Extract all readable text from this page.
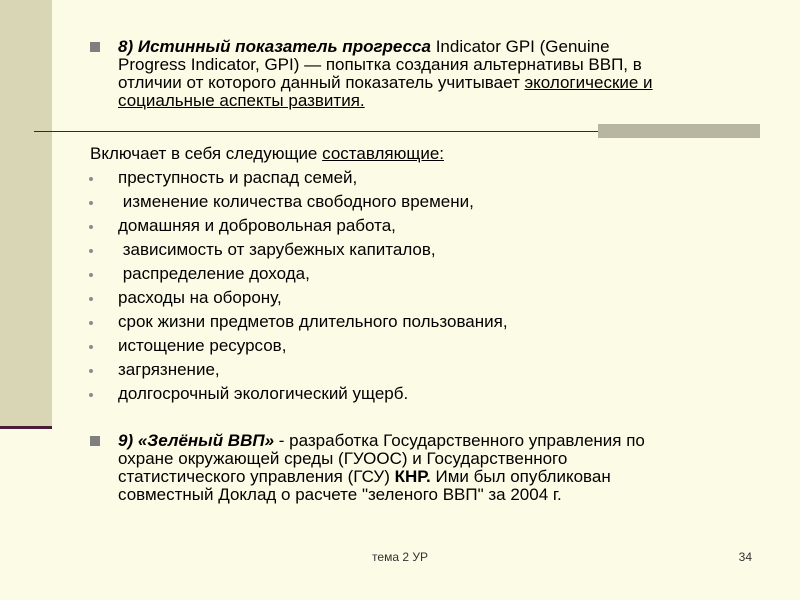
8) Истинный показатель прогресса Indicator GPI (Genuine
Progress Indicator, GPI) — попытка создания альтернативы ВВП, в
отличии от которого данный показатель учитывает экологические и
социальные аспекты развития.
Включает в себя следующие составляющие:
преступность и распад семей,
изменение количества свободного времени,
домашняя и добровольная работа,
зависимость от зарубежных капиталов,
распределение дохода,
расходы на оборону,
срок жизни предметов длительного пользования,
истощение ресурсов,
загрязнение,
долгосрочный экологический ущерб.
9) «Зелёный ВВП» - разработка Государственного управления по
охране окружающей среды (ГУООС) и Государственного
статистического управления (ГСУ) КНР. Ими был опубликован
совместный Доклад о расчете "зеленого ВВП" за 2004 г.
тема 2 УР	34
